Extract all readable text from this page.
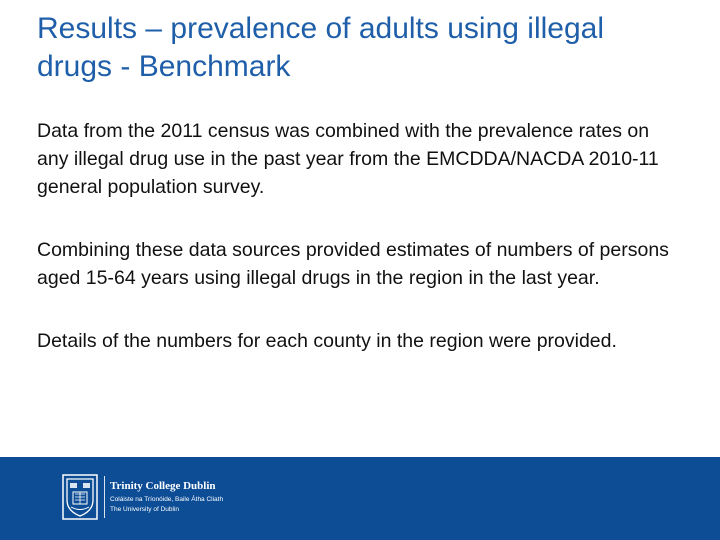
Results – prevalence of adults using illegal drugs - Benchmark

Data from the 2011 census was combined with the prevalence rates on any illegal drug use in the past year from the EMCDDA/NACDA 2010-11 general population survey.

Combining these data sources provided estimates of numbers of persons aged 15-64 years using illegal drugs in the region in the last year.

Details of the numbers for each county in the region were provided.

Trinity College Dublin
Coláiste na Tríonóide, Baile Átha Cliath
The University of Dublin
